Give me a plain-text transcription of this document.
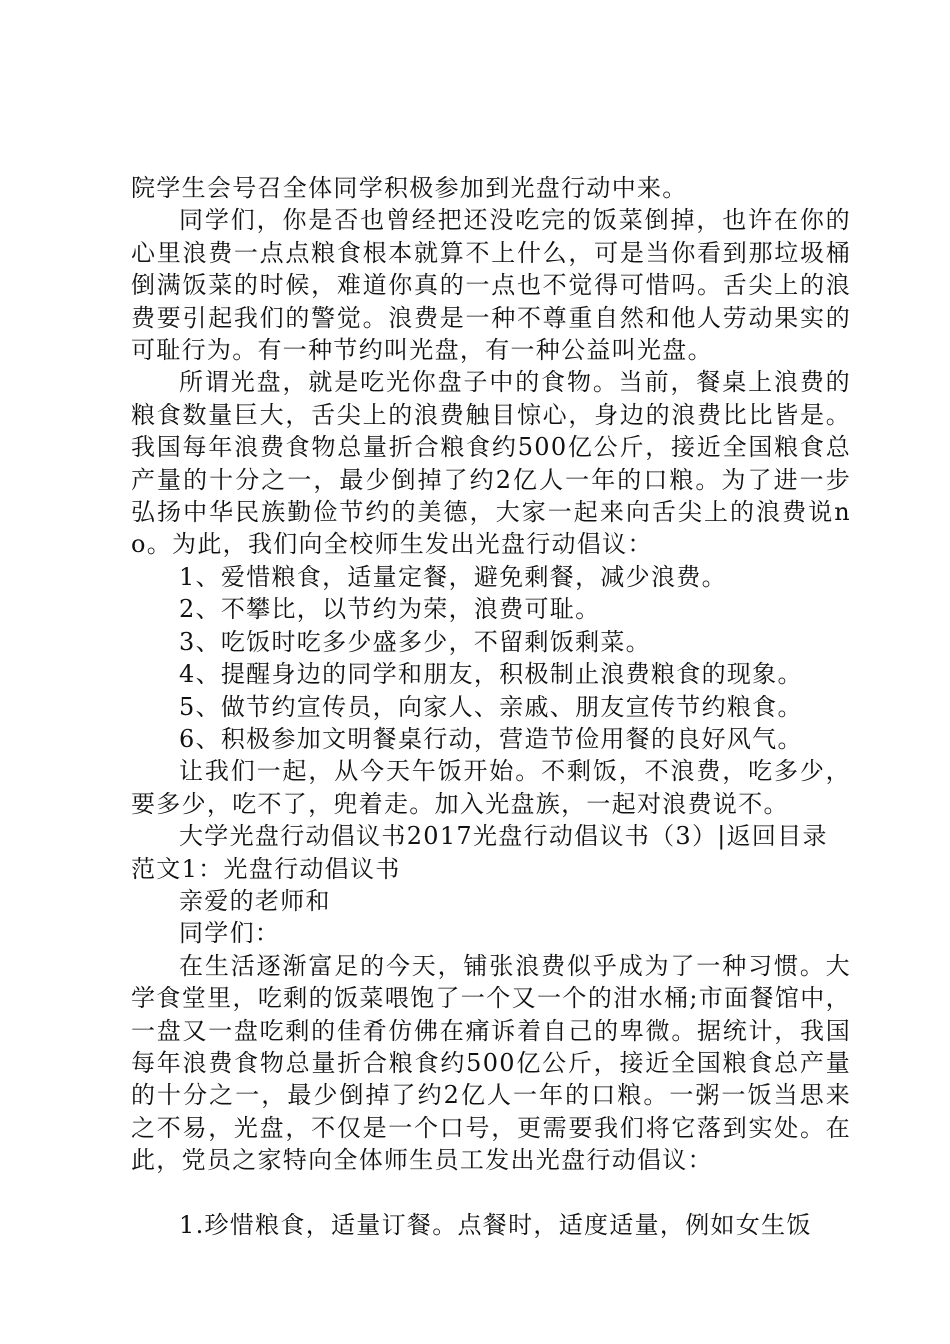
院学生会号召全体同学积极参加到光盘行动中来。

同学们，你是否也曾经把还没吃完的饭菜倒掉，也许在你的心里浪费一点点粮食根本就算不上什么，可是当你看到那垃圾桶倒满饭菜的时候，难道你真的一点也不觉得可惜吗。舌尖上的浪费要引起我们的警觉。浪费是一种不尊重自然和他人劳动果实的可耻行为。有一种节约叫光盘，有一种公益叫光盘。

所谓光盘，就是吃光你盘子中的食物。当前，餐桌上浪费的粮食数量巨大，舌尖上的浪费触目惊心，身边的浪费比比皆是。我国每年浪费食物总量折合粮食约500亿公斤，接近全国粮食总产量的十分之一，最少倒掉了约2亿人一年的口粮。为了进一步弘扬中华民族勤俭节约的美德，大家一起来向舌尖上的浪费说no。为此，我们向全校师生发出光盘行动倡议：

1、爱惜粮食，适量定餐，避免剩餐，减少浪费。

2、不攀比，以节约为荣，浪费可耻。

3、吃饭时吃多少盛多少，不留剩饭剩菜。

4、提醒身边的同学和朋友，积极制止浪费粮食的现象。

5、做节约宣传员，向家人、亲戚、朋友宣传节约粮食。

6、积极参加文明餐桌行动，营造节俭用餐的良好风气。

让我们一起，从今天午饭开始。不剩饭，不浪费，吃多少，要多少，吃不了，兜着走。加入光盘族，一起对浪费说不。

大学光盘行动倡议书2017光盘行动倡议书（3）|返回目录

范文1：光盘行动倡议书

亲爱的老师和

同学们：

在生活逐渐富足的今天，铺张浪费似乎成为了一种习惯。大学食堂里，吃剩的饭菜喂饱了一个又一个的泔水桶;市面餐馆中，一盘又一盘吃剩的佳肴仿佛在痛诉着自己的卑微。据统计，我国每年浪费食物总量折合粮食约500亿公斤，接近全国粮食总产量的十分之一，最少倒掉了约2亿人一年的口粮。一粥一饭当思来之不易，光盘，不仅是一个口号，更需要我们将它落到实处。在此，党员之家特向全体师生员工发出光盘行动倡议：

1.珍惜粮食，适量订餐。点餐时，适度适量，例如女生饭
